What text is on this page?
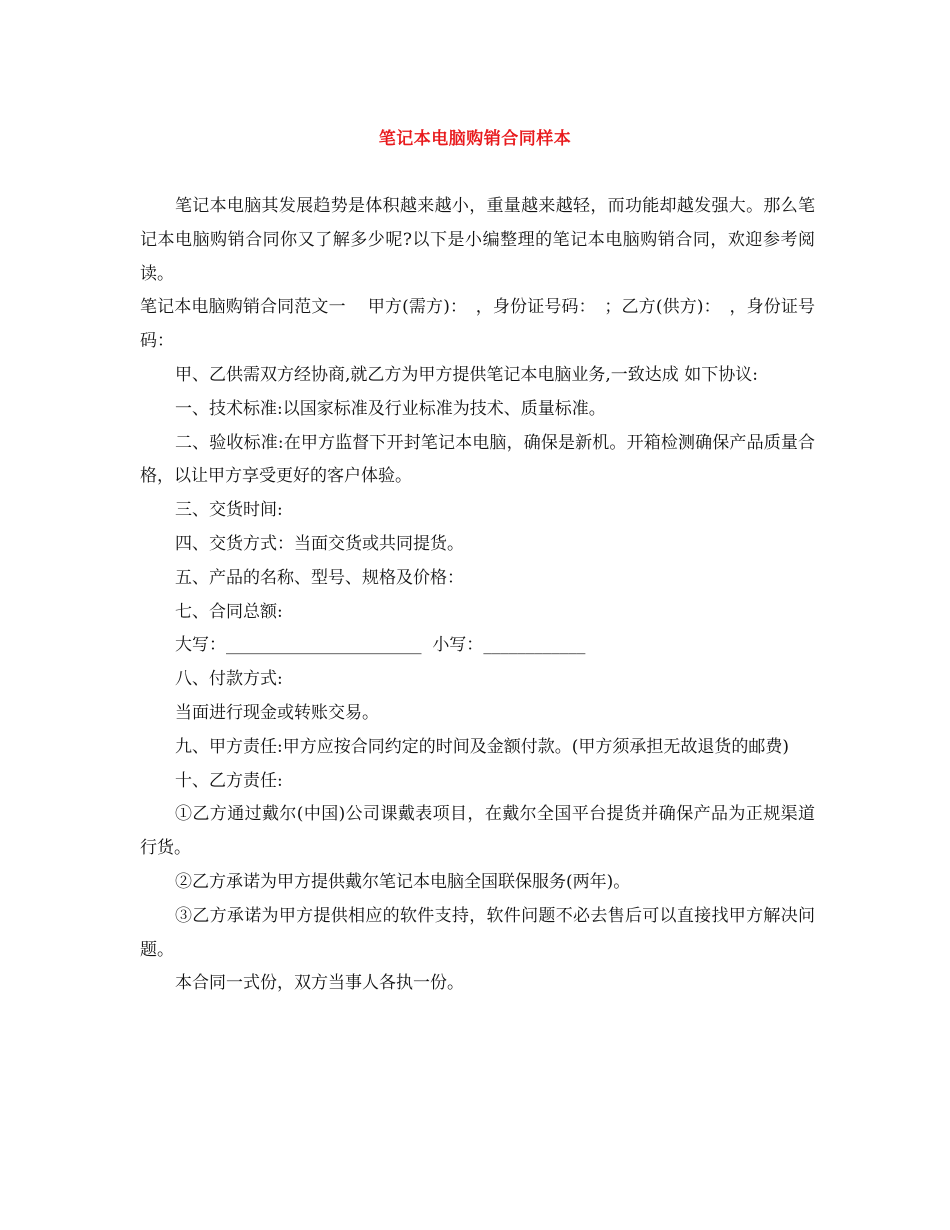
笔记本电脑购销合同样本

笔记本电脑其发展趋势是体积越来越小，重量越来越轻，而功能却越发强大。那么笔记本电脑购销合同你又了解多少呢?以下是小编整理的笔记本电脑购销合同，欢迎参考阅读。

笔记本电脑购销合同范文一 甲方(需方)：　，身份证号码：　；乙方(供方)：　，身份证号码：

甲、乙供需双方经协商,就乙方为甲方提供笔记本电脑业务,一致达成 如下协议:

一、技术标准:以国家标准及行业标准为技术、质量标准。

二、验收标准:在甲方监督下开封笔记本电脑，确保是新机。开箱检测确保产品质量合格，以让甲方享受更好的客户体验。

三、交货时间:

四、交货方式：当面交货或共同提货。

五、产品的名称、型号、规格及价格：

七、合同总额:

大写：_______________________ 小写：____________

八、付款方式:

当面进行现金或转账交易。

九、甲方责任:甲方应按合同约定的时间及金额付款。(甲方须承担无故退货的邮费)

十、乙方责任:

①乙方通过戴尔(中国)公司课戴表项目，在戴尔全国平台提货并确保产品为正规渠道行货。

②乙方承诺为甲方提供戴尔笔记本电脑全国联保服务(两年)。

③乙方承诺为甲方提供相应的软件支持，软件问题不必去售后可以直接找甲方解决问题。

本合同一式份，双方当事人各执一份。
